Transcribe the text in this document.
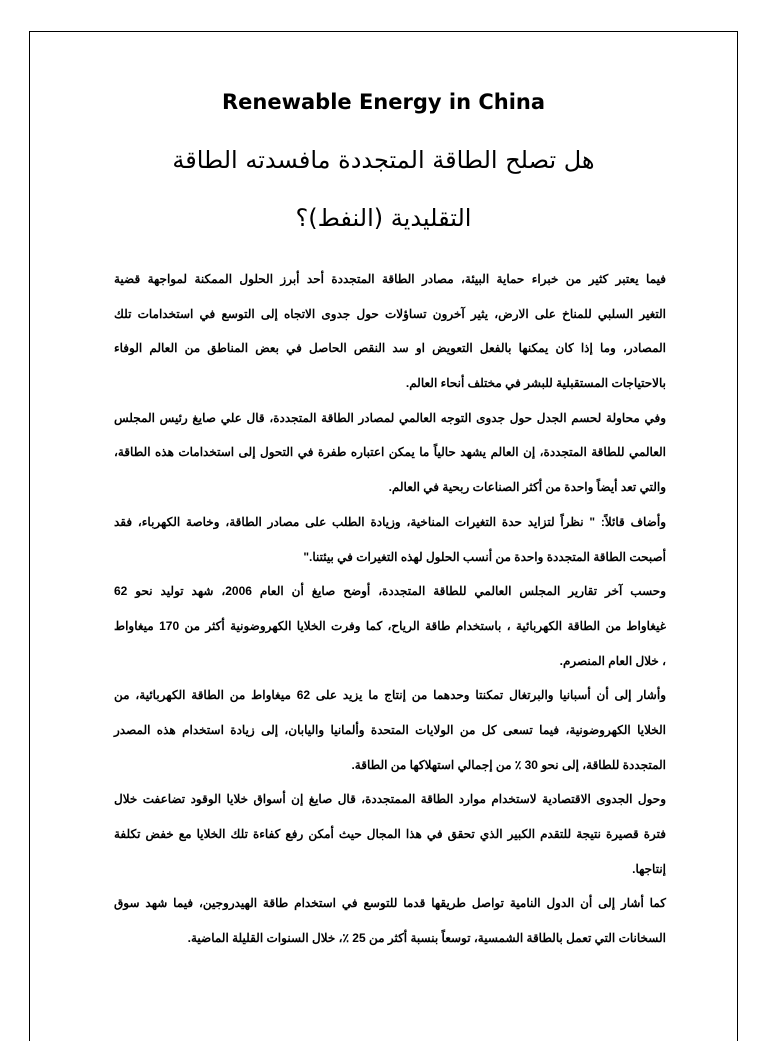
Renewable Energy in China
هل تصلح الطاقة المتجددة مافسدته الطاقة
التقليدية (النفط)؟
فيما يعتبر كثير من خبراء حماية البيئة، مصادر الطاقة المتجددة أحد أبرز الحلول الممكنة لمواجهة قضية
التغير السلبي للمناخ على الارض، يثير آخرون تساؤلات حول جدوى الاتجاه إلى التوسع في استخدامات تلك
المصادر، وما إذا كان يمكنها بالفعل التعويض او سد النقص الحاصل في بعض المناطق من العالم الوفاء
بالاحتياجات المستقبلية للبشر في مختلف أنحاء العالم.
وفي محاولة لحسم الجدل حول جدوى التوجه العالمي لمصادر الطاقة المتجددة، قال علي صايغ رئيس المجلس
العالمي للطاقة المتجددة، إن العالم يشهد حالياً ما يمكن اعتباره طفرة في التحول إلى استخدامات هذه الطاقة،
والتي تعد أيضاً واحدة من أكثر الصناعات ربحية في العالم.
وأضاف قائلاً: " نظراً لتزايد حدة التغيرات المناخية، وزيادة الطلب على مصادر الطاقة، وخاصة الكهرباء، فقد
أصبحت الطاقة المتجددة واحدة من أنسب الحلول لهذه التغيرات في بيئتنا."
وحسب آخر تقارير المجلس العالمي للطاقة المتجددة، أوضح صايغ أن العام 2006، شهد توليد نحو 62
غيغاواط من الطاقة الكهربائية ، باستخدام طاقة الرياح، كما وفرت الخلايا الكهروضونية أكثر من 170 ميغاواط
، خلال العام المنصرم.
وأشار إلى أن أسبانيا والبرتغال تمكنتا وحدهما من إنتاج ما يزيد على 62 ميغاواط من الطاقة الكهربائية، من
الخلايا الكهروضونية، فيما تسعى كل من الولايات المتحدة وألمانيا واليابان، إلى زيادة استخدام هذه المصدر
المتجددة للطاقة، إلى نحو 30 ٪ من إجمالي استهلاكها من الطاقة.
وحول الجدوى الاقتصادية لاستخدام موارد الطاقة الممتجددة، قال صايغ إن أسواق خلايا الوقود تضاعفت خلال
فترة قصيرة نتيجة للتقدم الكبير الذي تحقق في هذا المجال حيث أمكن رفع كفاءة تلك الخلايا مع خفض تكلفة
إنتاجها.
كما أشار إلى أن الدول النامية تواصل طريقها قدما للتوسع في استخدام طاقة الهيدروجين، فيما شهد سوق
السخانات التي تعمل بالطاقة الشمسية، توسعاً بنسبة أكثر من 25 ٪، خلال السنوات القليلة الماضية.
